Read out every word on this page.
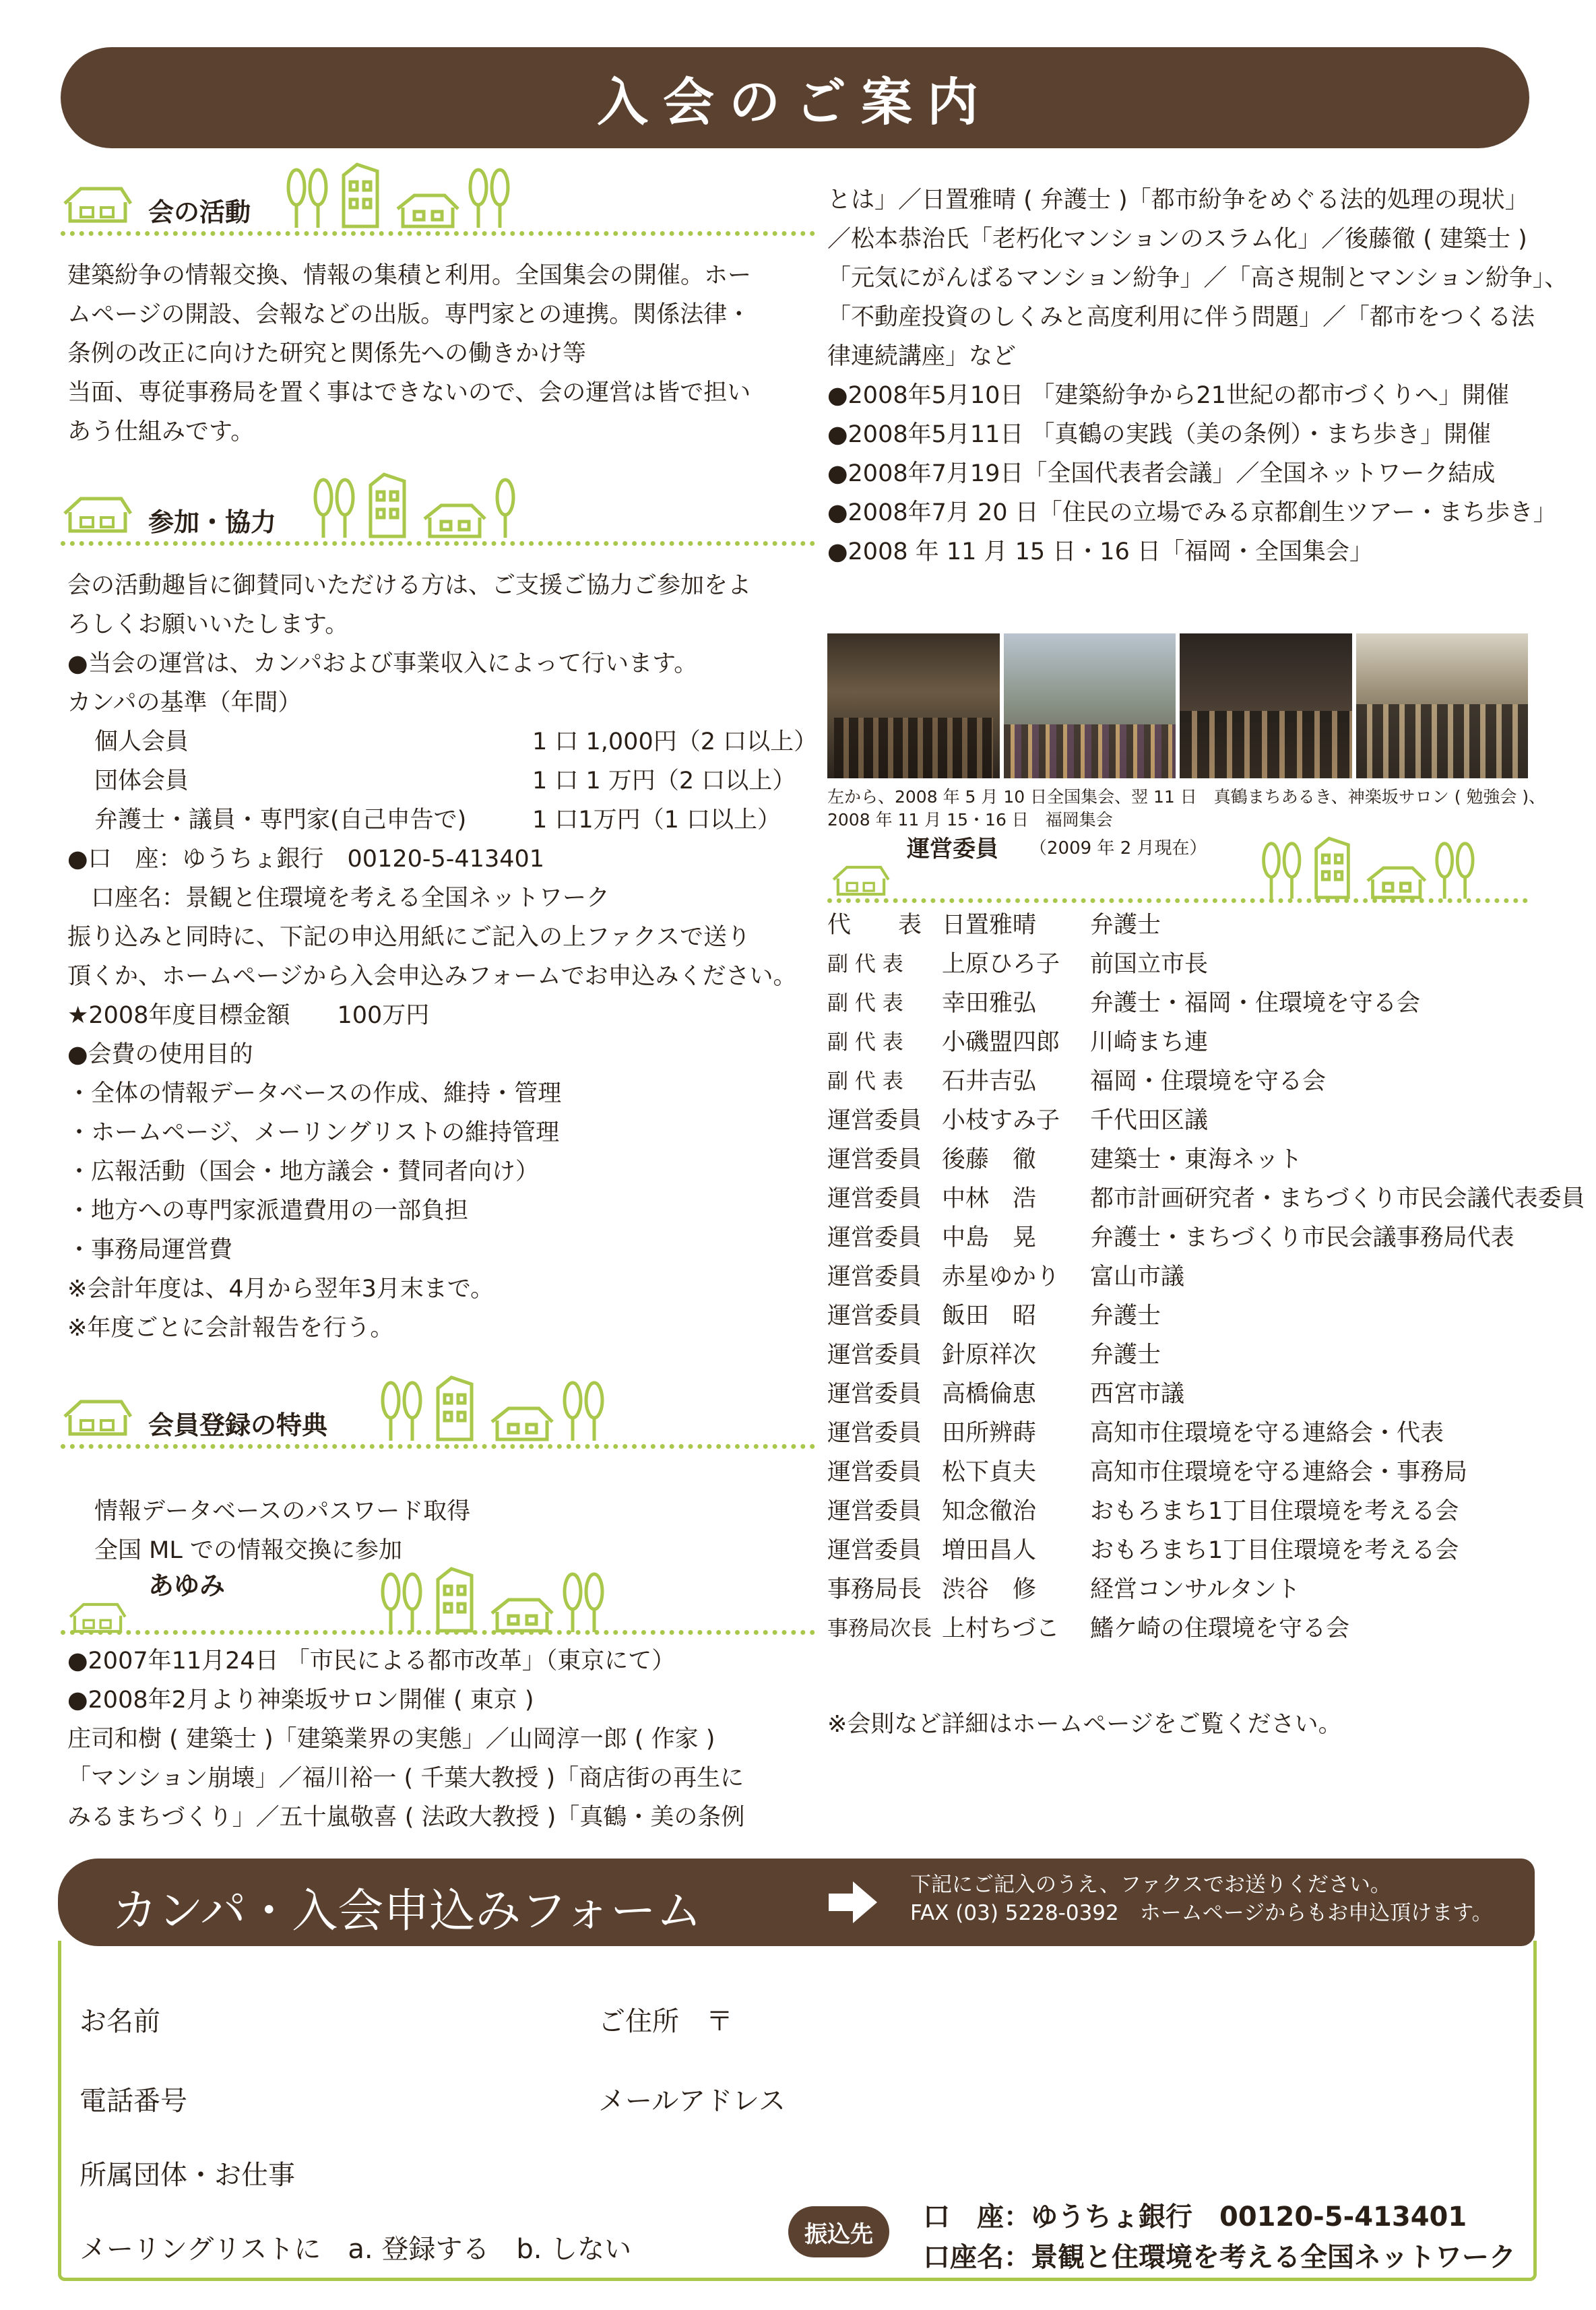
入会のご案内
会の活動
建築紛争の情報交換、情報の集積と利用。全国集会の開催。ホー
ムページの開設、会報などの出版。専門家との連携。関係法律・
条例の改正に向けた研究と関係先への働きかけ等
当面、専従事務局を置く事はできないので、会の運営は皆で担い
あう仕組みです。
参加・協力
会の活動趣旨に御賛同いただける方は、ご支援ご協力ご参加をよ
ろしくお願いいたします。
●当会の運営は、カンパおよび事業収入によって行います。
カンパの基準（年間）
個人会員	1 口 1,000円（2 口以上）
団体会員	1 口 1 万円（2 口以上）
弁護士・議員・専門家(自己申告で)	1 口1万円（1 口以上）
●口　座：ゆうちょ銀行　00120-5-413401
　口座名：景観と住環境を考える全国ネットワーク
振り込みと同時に、下記の申込用紙にご記入の上ファクスで送り
頂くか、ホームページから入会申込みフォームでお申込みください。
★2008年度目標金額　　100万円
●会費の使用目的
・全体の情報データベースの作成、維持・管理
・ホームページ、メーリングリストの維持管理
・広報活動（国会・地方議会・賛同者向け）
・地方への専門家派遣費用の一部負担
・事務局運営費
※会計年度は、4月から翌年3月末まで。
※年度ごとに会計報告を行う。
会員登録の特典
情報データベースのパスワード取得
全国 ML での情報交換に参加
あゆみ
●2007年11月24日 「市民による都市改革」（東京にて）
●2008年2月より神楽坂サロン開催 ( 東京 )
庄司和樹 ( 建築士 )「建築業界の実態」／山岡淳一郎 ( 作家 )
「マンション崩壊」／福川裕一 ( 千葉大教授 )「商店街の再生に
みるまちづくり」／五十嵐敬喜 ( 法政大教授 )「真鶴・美の条例
とは」／日置雅晴 ( 弁護士 )「都市紛争をめぐる法的処理の現状」
／松本恭治氏「老朽化マンションのスラム化」／後藤徹 ( 建築士 )
「元気にがんばるマンション紛争」／「高さ規制とマンション紛争」、
「不動産投資のしくみと高度利用に伴う問題」／「都市をつくる法
律連続講座」など
●2008年5月10日 「建築紛争から21世紀の都市づくりへ」開催
●2008年5月11日 「真鶴の実践（美の条例）・まち歩き」開催
●2008年7月19日「全国代表者会議」／全国ネットワーク結成
●2008年7月 20 日「住民の立場でみる京都創生ツアー・まち歩き」
●2008 年 11 月 15 日・16 日「福岡・全国集会」
左から、2008 年 5 月 10 日全国集会、翌 11 日　真鶴まちあるき、神楽坂サロン ( 勉強会 )、
2008 年 11 月 15・16 日　福岡集会
運営委員 （2009 年 2 月現在）
代　　表 日置雅晴 弁護士
副 代 表 上原ひろ子 前国立市長
副 代 表 幸田雅弘 弁護士・福岡・住環境を守る会
副 代 表 小磯盟四郎 川崎まち連
副 代 表 石井吉弘 福岡・住環境を守る会
運営委員 小枝すみ子 千代田区議
運営委員 後藤　徹 建築士・東海ネット
運営委員 中林　浩 都市計画研究者・まちづくり市民会議代表委員
運営委員 中島　晃 弁護士・まちづくり市民会議事務局代表
運営委員 赤星ゆかり 富山市議
運営委員 飯田　昭 弁護士
運営委員 針原祥次 弁護士
運営委員 高橋倫恵 西宮市議
運営委員 田所辨蒔 高知市住環境を守る連絡会・代表
運営委員 松下貞夫 高知市住環境を守る連絡会・事務局
運営委員 知念徹治 おもろまち1丁目住環境を考える会
運営委員 増田昌人 おもろまち1丁目住環境を考える会
事務局長 渋谷　修 経営コンサルタント
事務局次長 上村ちづこ 鰭ケ崎の住環境を守る会
※会則など詳細はホームページをご覧ください。
カンパ・入会申込みフォーム	下記にご記入のうえ、ファクスでお送りください。
FAX (03) 5228-0392　ホームページからもお申込頂けます。
お名前	ご住所　〒
電話番号	メールアドレス
所属団体・お仕事
メーリングリストに　a. 登録する　b. しない	振込先
口　座：ゆうちょ銀行　00120-5-413401
口座名：景観と住環境を考える全国ネットワーク
